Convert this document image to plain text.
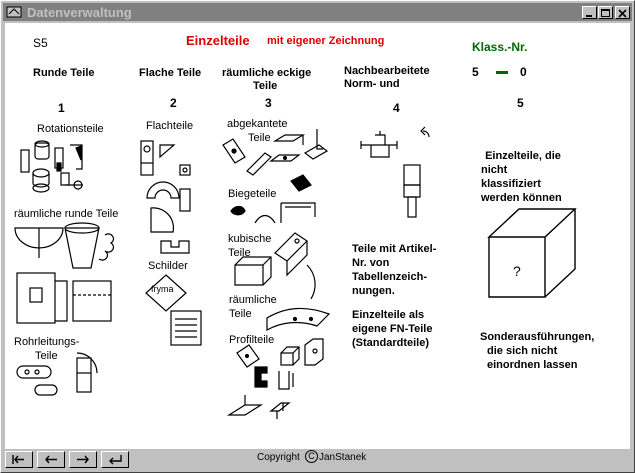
Datenverwaltung
S5	Einzelteile mit eigener Zeichnung	Klass.-Nr.
5	0
Runde Teile	Flache Teile räumliche eckige
Teile
Nachbearbeitete
Norm- und
1	2	3	4	5
Rotationsteile
räumliche runde Teile
Rohrleitungs-
Teile
Flachteile
Schilder
fryma
abgekantete
Teile
Biegeteile
kubische
Teile
räumliche
Teile
Profilteile
Teile mit Artikel-
Nr. von
Tabellenzeich-
nungen.
Einzelteile als
eigene FN-Teile
(Standardteile)
Einzelteile, die
nicht
klassifiziert
werden können
?
Sonderausführungen,
die sich nicht
einordnen lassen
Copyright C JanStanek
